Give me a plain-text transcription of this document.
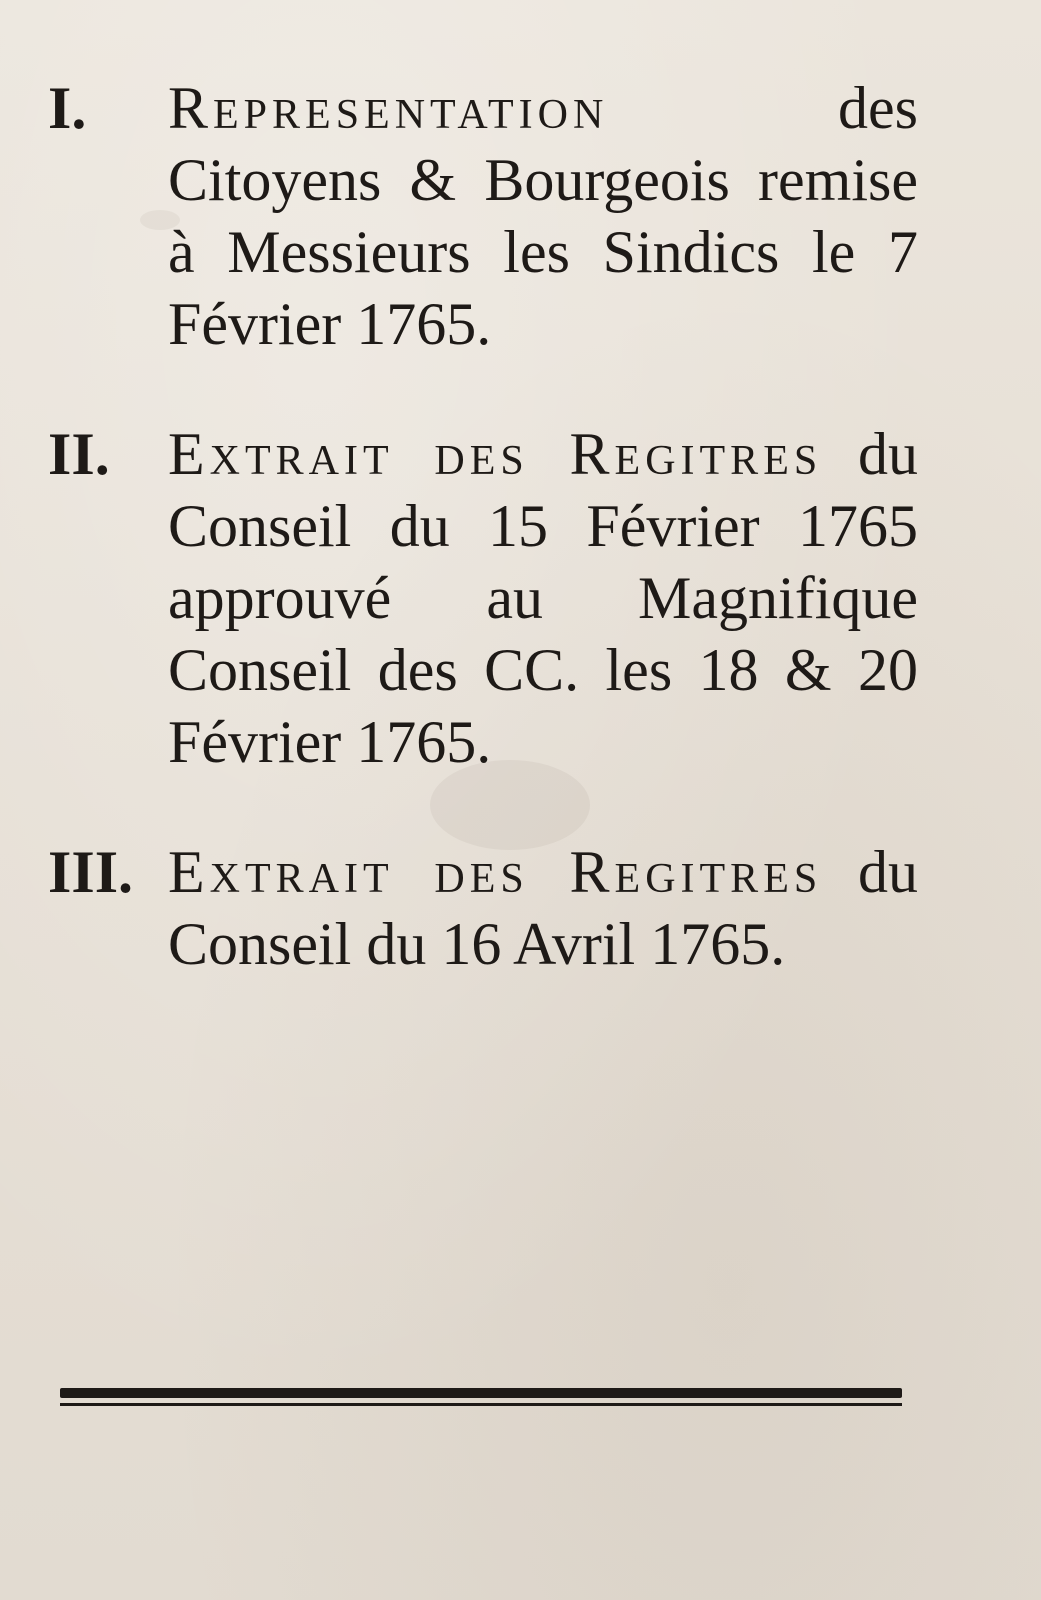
I.	Representation des Citoyens & Bourgeois remise à Messieurs les Sindics le 7 Février 1765.
II. Extrait des Regitres du Conseil du 15 Février 1765 approuvé au Magnifique Conseil des CC. les 18 & 20 Février 1765.
III. Extrait des Regitres du Conseil du 16 Avril 1765.
